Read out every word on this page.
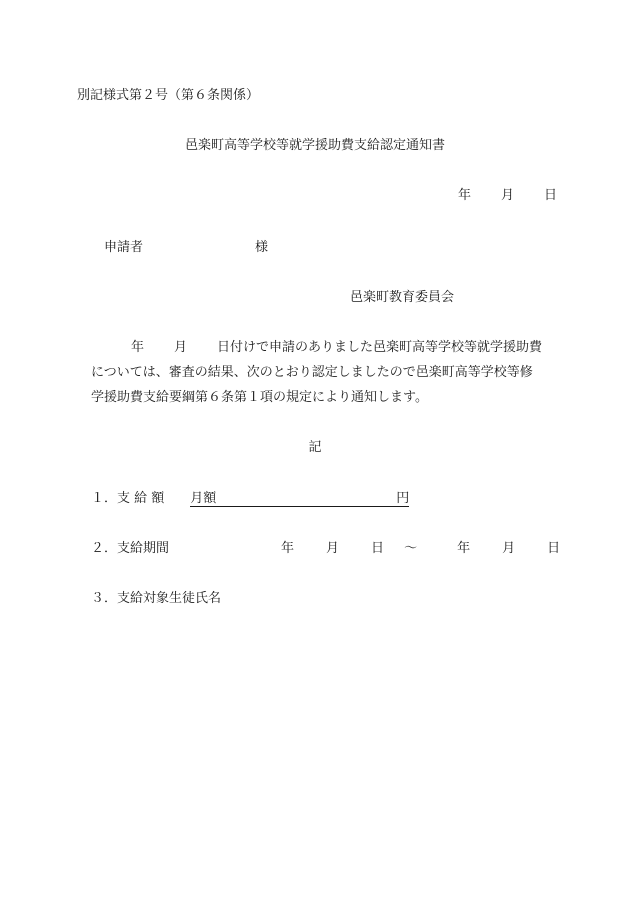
別記様式第２号（第６条関係）
邑楽町高等学校等就学援助費支給認定通知書
年 月 日
申請者	様
邑楽町教育委員会
年 月 日付けで申請のありました邑楽町高等学校等就学援助費
については、審査の結果、次のとおり認定しましたので邑楽町高等学校等修
学援助費支給要綱第６条第１項の規定により通知します。
記
１．支 給 額 月額	円
２．支給期間	年 月 日 〜	年 月 日
３．支給対象生徒氏名
